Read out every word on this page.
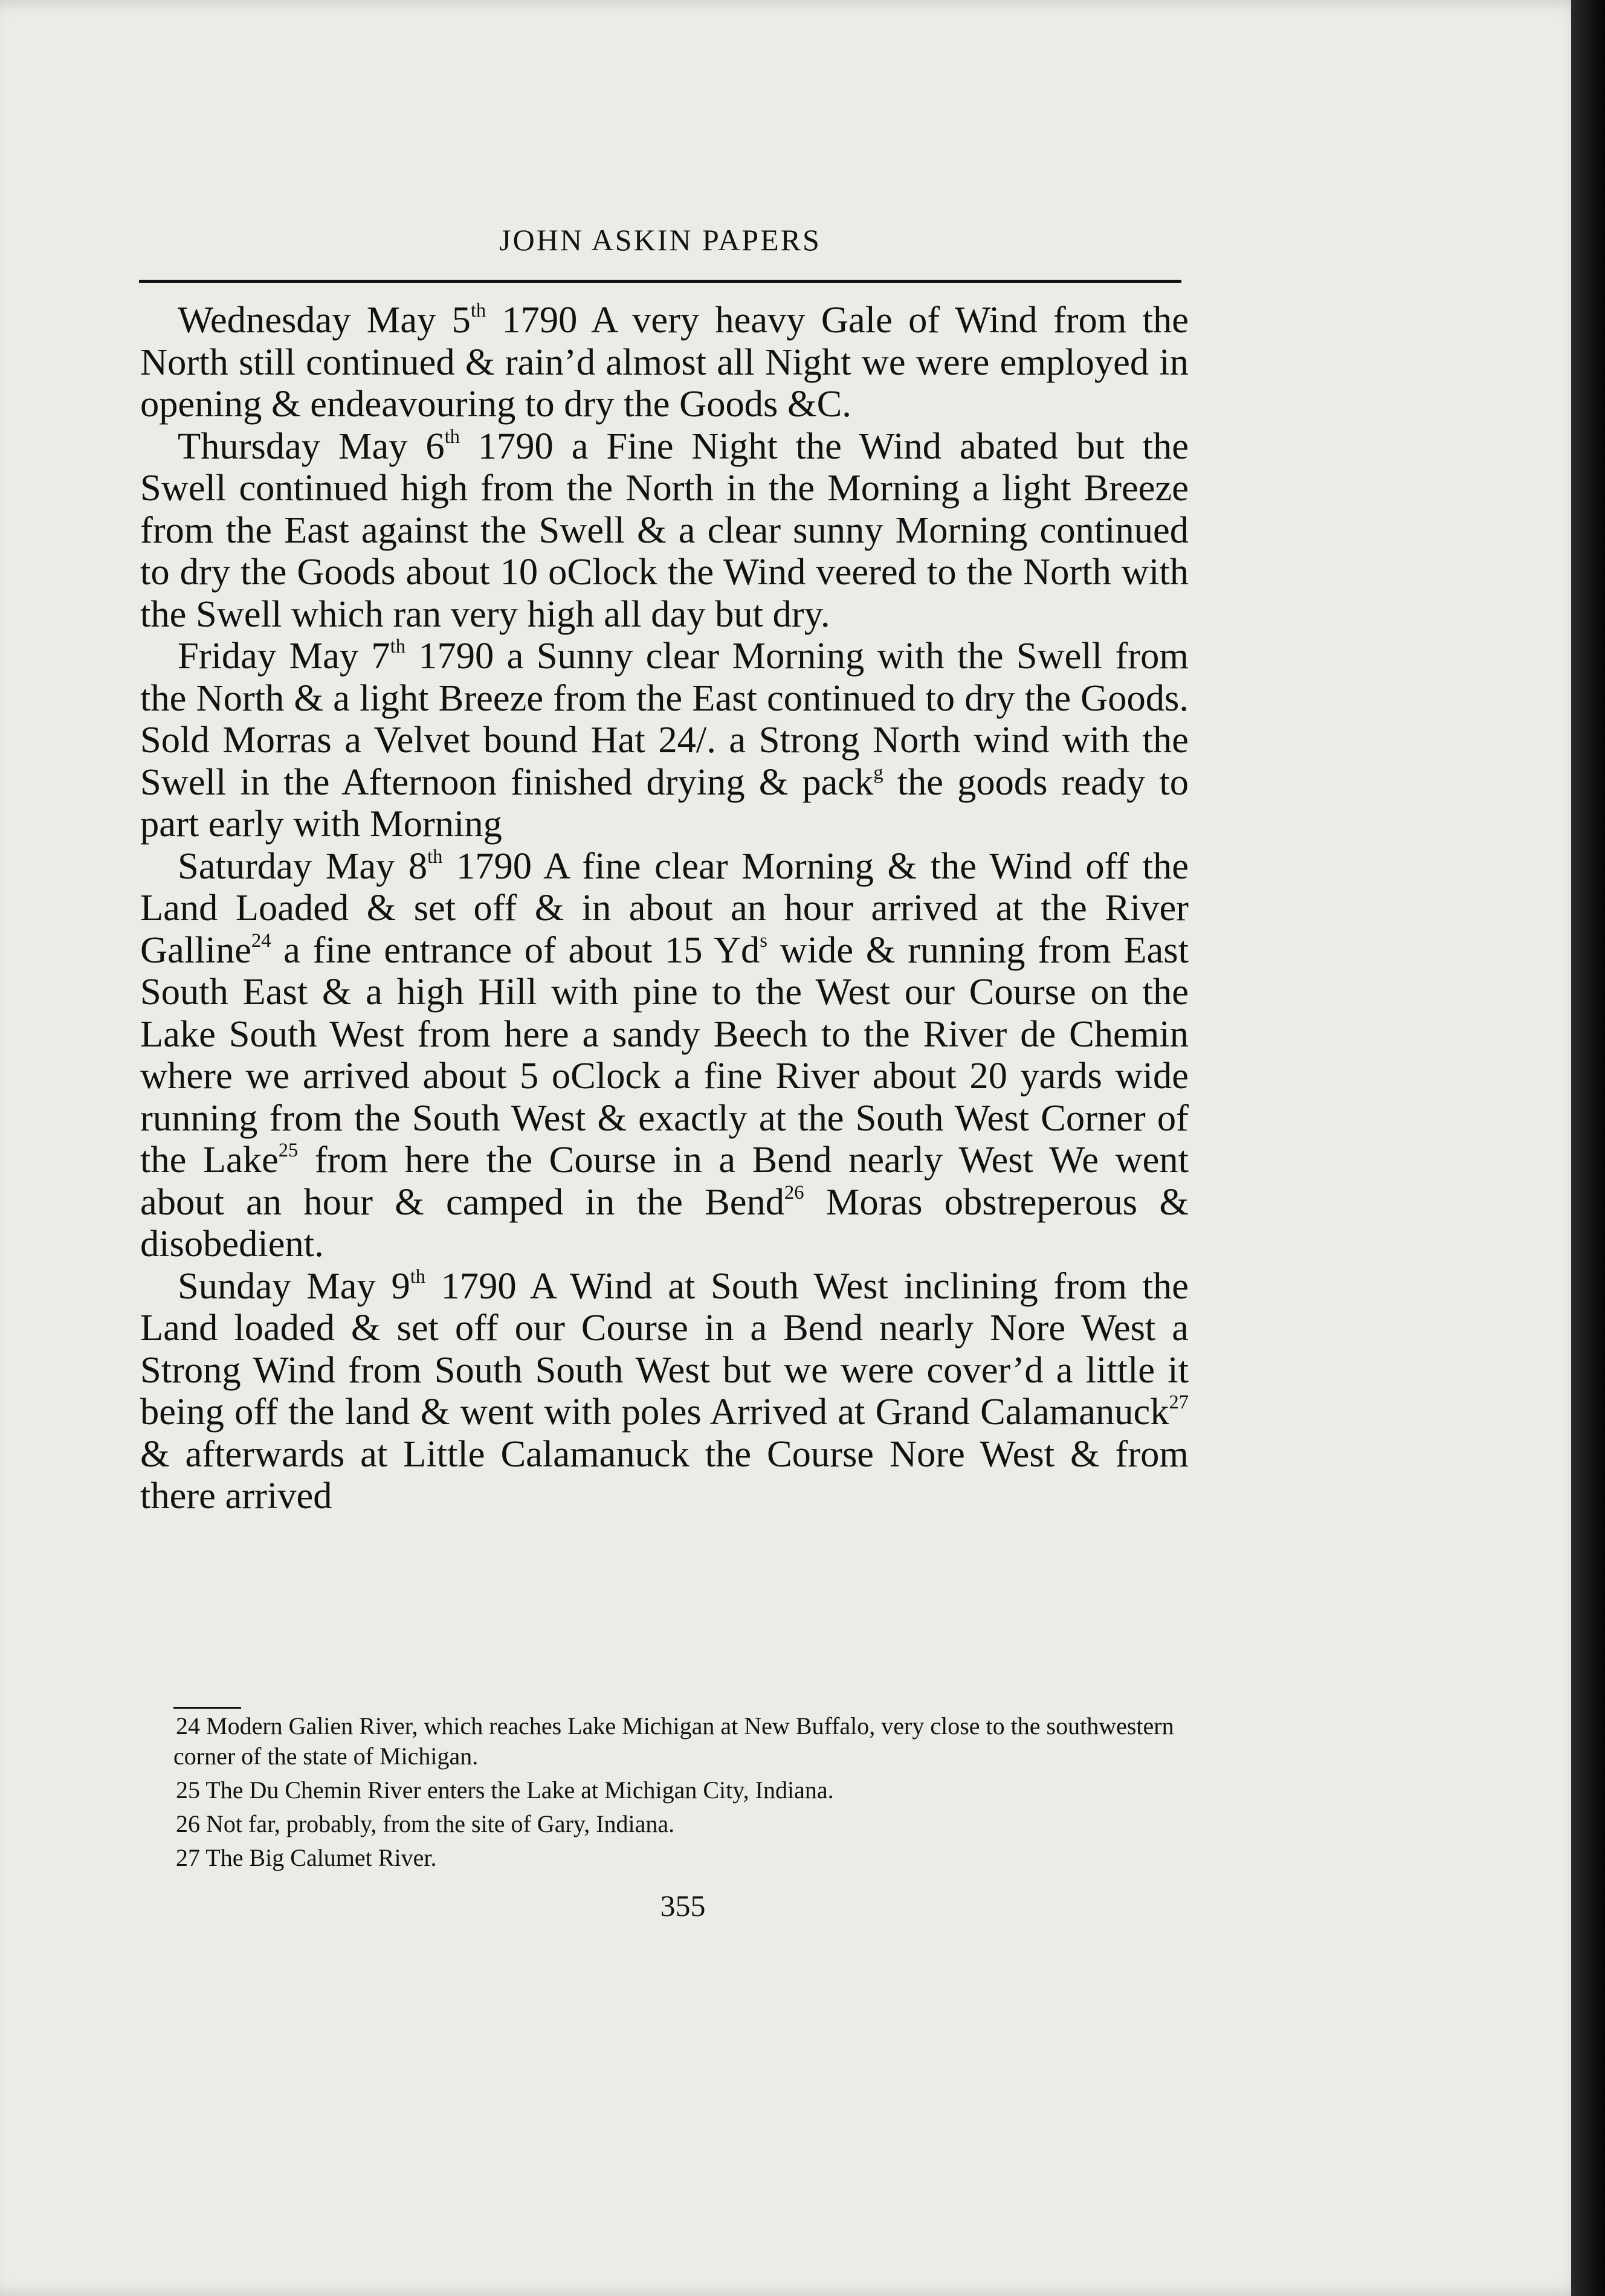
JOHN ASKIN PAPERS

Wednesday May 5th 1790 A very heavy Gale of Wind from the North still continued & rain’d almost all Night we were employed in opening & endeavouring to dry the Goods &C.

Thursday May 6th 1790 a Fine Night the Wind abated but the Swell continued high from the North in the Morning a light Breeze from the East against the Swell & a clear sunny Morning continued to dry the Goods about 10 oClock the Wind veered to the North with the Swell which ran very high all day but dry.

Friday May 7th 1790 a Sunny clear Morning with the Swell from the North & a light Breeze from the East continued to dry the Goods. Sold Morras a Velvet bound Hat 24/. a Strong North wind with the Swell in the Afternoon finished drying & pack$^g$ the goods ready to part early with Morning

Saturday May 8th 1790 A fine clear Morning & the Wind off the Land Loaded & set off & in about an hour arrived at the River Galline$^{24}$ a fine entrance of about 15 Yd$^s$ wide & running from East South East & a high Hill with pine to the West our Course on the Lake South West from here a sandy Beech to the River de Chemin where we arrived about 5 oClock a fine River about 20 yards wide running from the South West & exactly at the South West Corner of the Lake$^{25}$ from here the Course in a Bend nearly West We went about an hour & camped in the Bend$^{26}$ Moras obstreperous & disobedient.

Sunday May 9th 1790 A Wind at South West inclining from the Land loaded & set off our Course in a Bend nearly Nore West a Strong Wind from South South West but we were cover’d a little it being off the land & went with poles Arrived at Grand Calamanuck$^{27}$ & afterwards at Little Calamanuck the Course Nore West & from there arrived

24 Modern Galien River, which reaches Lake Michigan at New Buffalo, very close to the southwestern corner of the state of Michigan.

25 The Du Chemin River enters the Lake at Michigan City, Indiana.

26 Not far, probably, from the site of Gary, Indiana.

27 The Big Calumet River.

355
